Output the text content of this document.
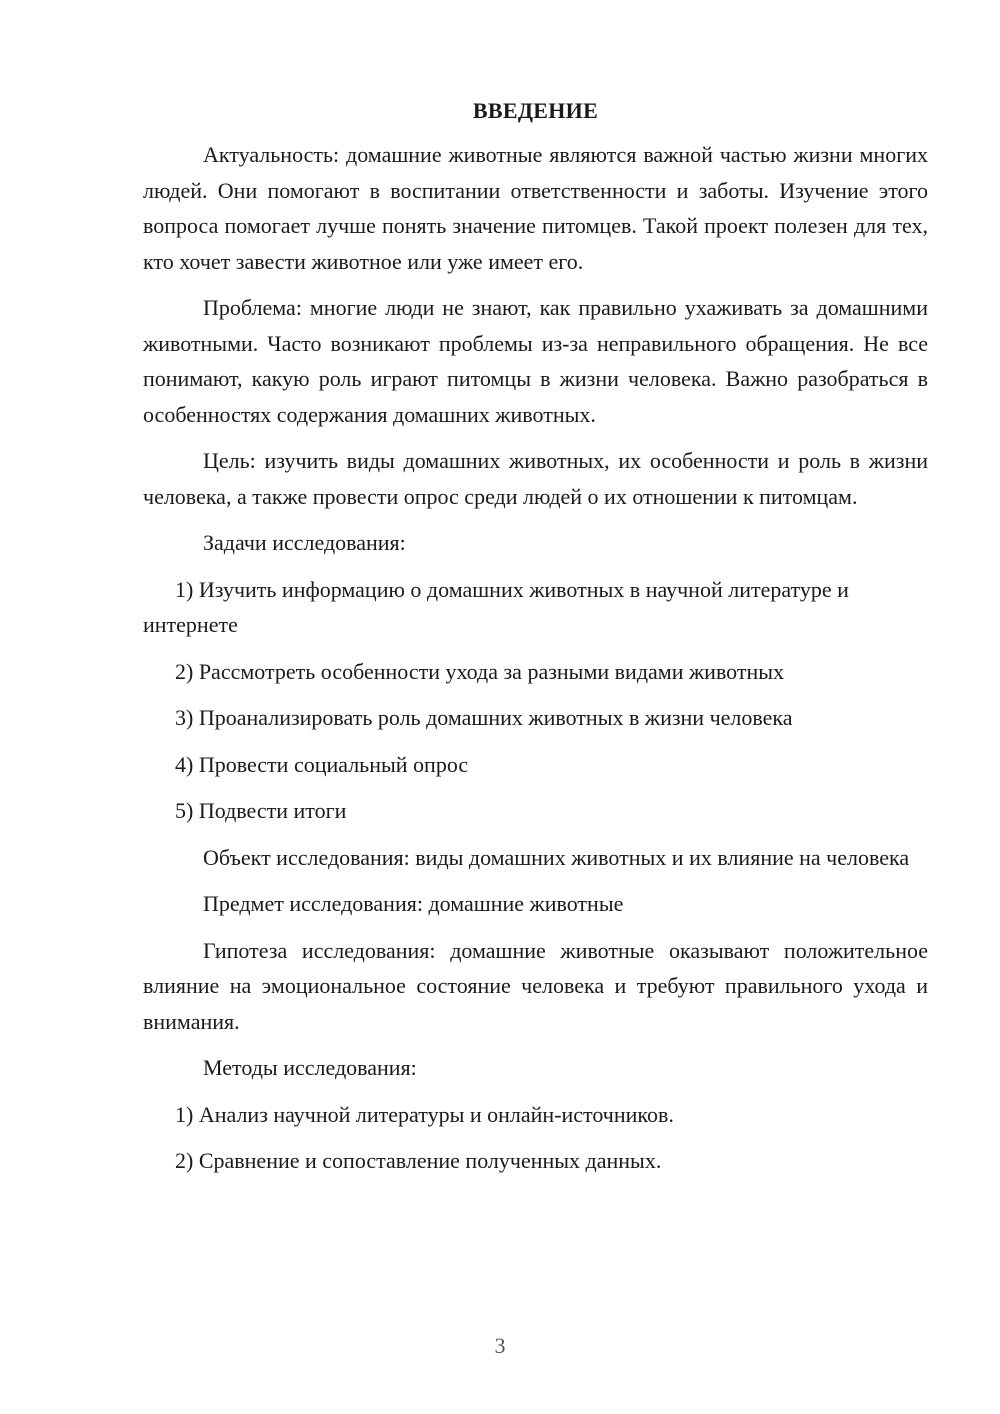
ВВЕДЕНИЕ

Актуальность: домашние животные являются важной частью жизни многих людей. Они помогают в воспитании ответственности и заботы. Изучение этого вопроса помогает лучше понять значение питомцев. Такой проект полезен для тех, кто хочет завести животное или уже имеет его.

Проблема: многие люди не знают, как правильно ухаживать за домашними животными. Часто возникают проблемы из-за неправильного обращения. Не все понимают, какую роль играют питомцы в жизни человека. Важно разобраться в особенностях содержания домашних животных.

Цель: изучить виды домашних животных, их особенности и роль в жизни человека, а также провести опрос среди людей о их отношении к питомцам.

Задачи исследования:

1) Изучить информацию о домашних животных в научной литературе и интернете

2) Рассмотреть особенности ухода за разными видами животных

3) Проанализировать роль домашних животных в жизни человека

4) Провести социальный опрос

5) Подвести итоги

Объект исследования: виды домашних животных и их влияние на человека

Предмет исследования: домашние животные

Гипотеза исследования: домашние животные оказывают положительное влияние на эмоциональное состояние человека и требуют правильного ухода и внимания.

Методы исследования:

1) Анализ научной литературы и онлайн-источников.

2) Сравнение и сопоставление полученных данных.

3
